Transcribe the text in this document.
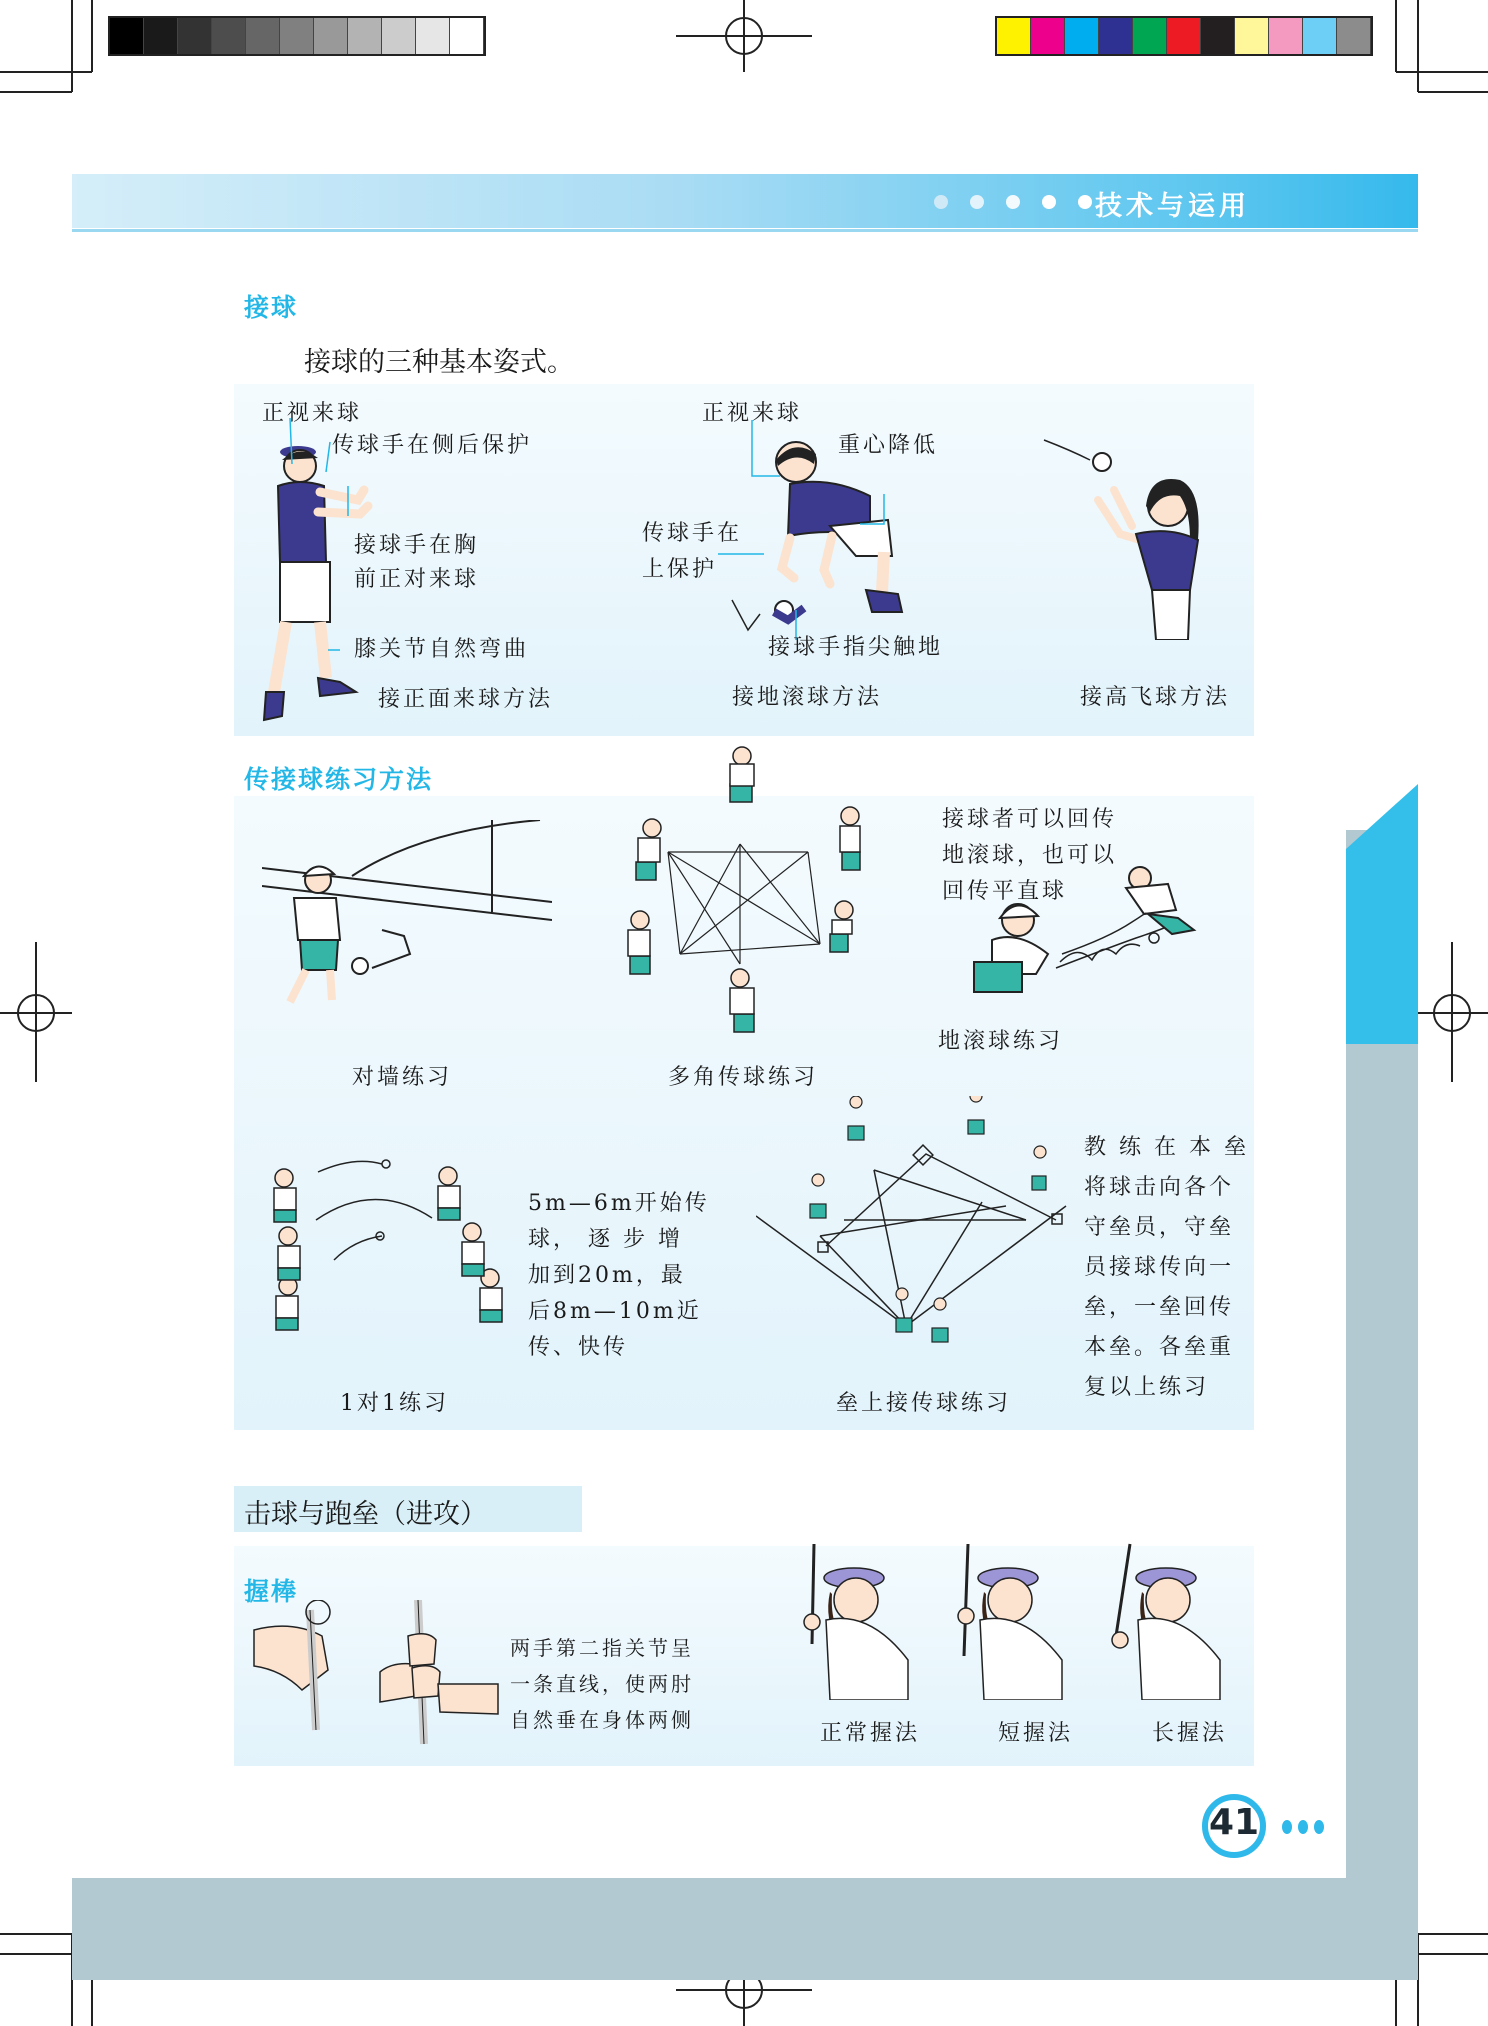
技术与运用
接球
接球的三种基本姿式。
正视来球
传球手在侧后保护
接球手在胸
前正对来球
膝关节自然弯曲
接正面来球方法
正视来球
重心降低
传球手在
上保护
接球手指尖触地
接地滚球方法	接高飞球方法
传接球练习方法
对墙练习	多角传球练习
接球者可以回传
地滚球，也可以
回传平直球
地滚球练习
5m—6m开始传
球， 逐 步 增
加到20m，最
后8m—10m近
传、快传
1对1练习	垒上接传球练习
教 练 在 本 垒
将球击向各个
守垒员，守垒
员接球传向一
垒，一垒回传
本垒。各垒重
复以上练习
击球与跑垒（进攻）
握棒
两手第二指关节呈
一条直线，使两肘
自然垂在身体两侧
正常握法	短握法	长握法
41
